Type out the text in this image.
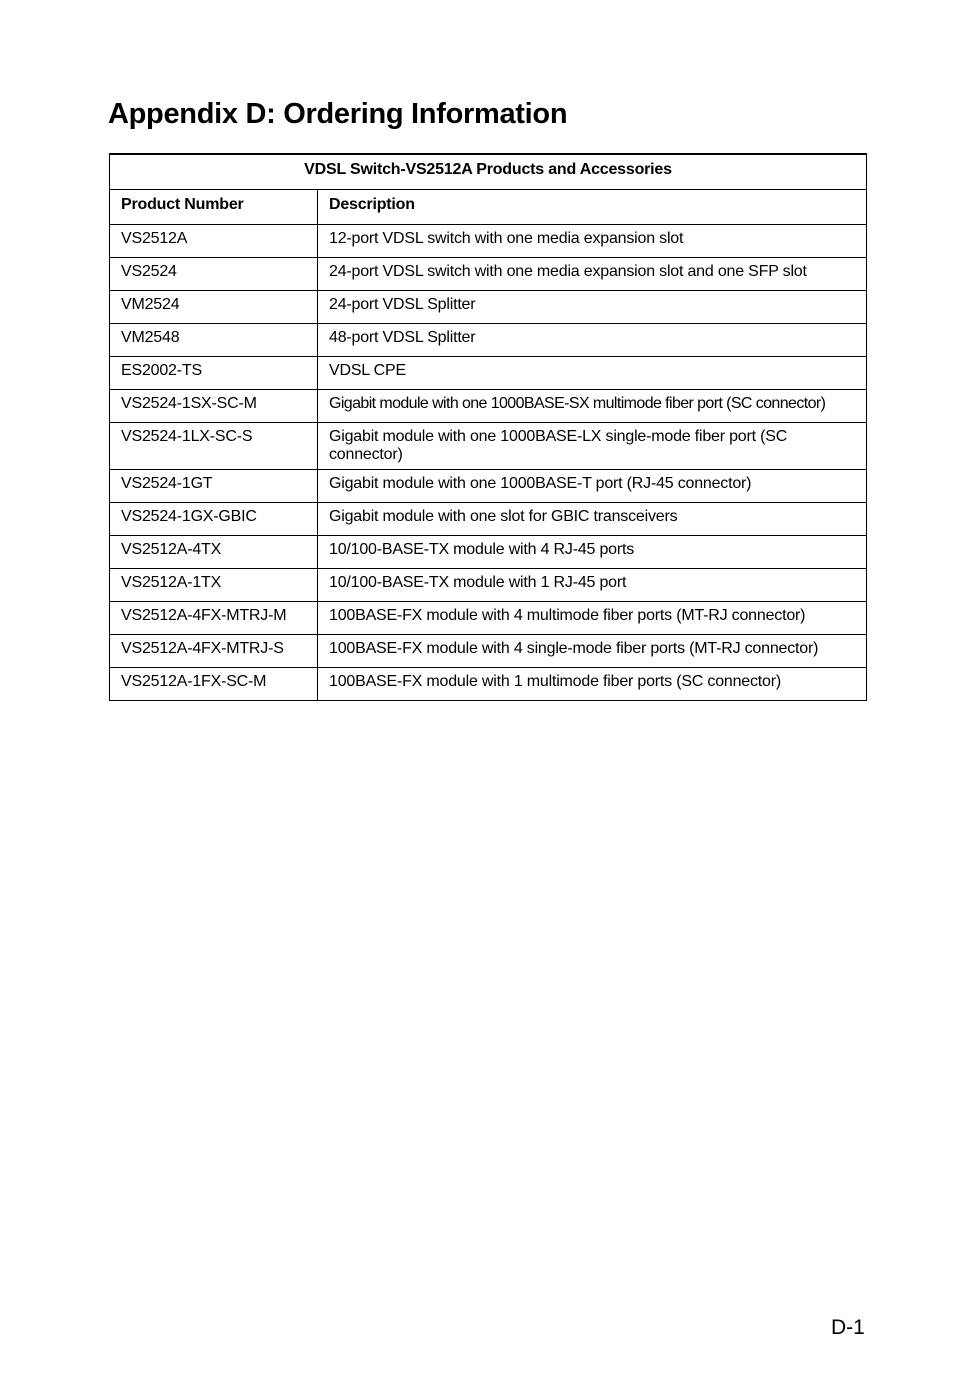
Appendix D: Ordering Information
VDSL Switch-VS2512A Products and Accessories	
Product Number	Description
VS2512A	12-port VDSL switch with one media expansion slot
VS2524	24-port VDSL switch with one media expansion slot and one SFP slot
VM2524	24-port VDSL Splitter
VM2548	48-port VDSL Splitter
ES2002-TS	VDSL CPE
VS2524-1SX-SC-M	Gigabit module with one 1000BASE-SX multimode fiber port (SC connector)
VS2524-1LX-SC-S	Gigabit module with one 1000BASE-LX single-mode fiber port (SC connector)
VS2524-1GT	Gigabit module with one 1000BASE-T port (RJ-45 connector)
VS2524-1GX-GBIC	Gigabit module with one slot for GBIC transceivers
VS2512A-4TX	10/100-BASE-TX module with 4 RJ-45 ports
VS2512A-1TX	10/100-BASE-TX module with 1 RJ-45 port
VS2512A-4FX-MTRJ-M	100BASE-FX module with 4 multimode fiber ports (MT-RJ connector)
VS2512A-4FX-MTRJ-S	100BASE-FX module with 4 single-mode fiber ports (MT-RJ connector)
VS2512A-1FX-SC-M	100BASE-FX module with 1 multimode fiber ports (SC connector)
D-1
